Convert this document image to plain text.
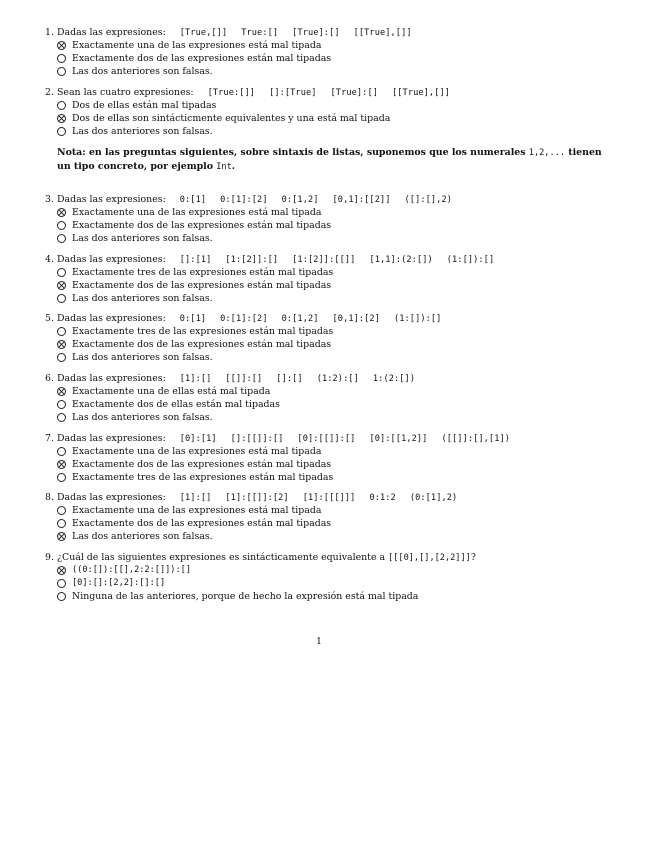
1. Dadas las expresiones: [True,[]] True:[] [True]:[] [[True],[]]
Exactamente una de las expresiones está mal tipada
Exactamente dos de las expresiones están mal tipadas
Las dos anteriores son falsas.
2. Sean las cuatro expresiones: [True:[]] []:[True] [True]:[] [[True],[]]
Dos de ellas están mal tipadas
Dos de ellas son sintácticmente equivalentes y una está mal tipada
Las dos anteriores son falsas.
Nota: en las preguntas siguientes, sobre sintaxis de listas, suponemos que los numerales 1,2,... tienen un tipo concreto, por ejemplo Int.
3. Dadas las expresiones: 0:[1] 0:[1]:[2] 0:[1,2] [0,1]:[[2]] ([]:[],2)
Exactamente una de las expresiones está mal tipada
Exactamente dos de las expresiones están mal tipadas
Las dos anteriores son falsas.
4. Dadas las expresiones: []:[1] [1:[2]]:[] [1:[2]]:[[]] [1,1]:(2:[]) (1:[]):[]
Exactamente tres de las expresiones están mal tipadas
Exactamente dos de las expresiones están mal tipadas
Las dos anteriores son falsas.
5. Dadas las expresiones: 0:[1] 0:[1]:[2] 0:[1,2] [0,1]:[2] (1:[]):[]
Exactamente tres de las expresiones están mal tipadas
Exactamente dos de las expresiones están mal tipadas
Las dos anteriores son falsas.
6. Dadas las expresiones: [1]:[] [[]]:[] []:[] (1:2):[] 1:(2:[])
Exactamente una de ellas está mal tipada
Exactamente dos de ellas están mal tipadas
Las dos anteriores son falsas.
7. Dadas las expresiones: [0]:[1] []:[[]]:[] [0]:[[]]:[] [0]:[[1,2]] ([[]]:[],[1])
Exactamente una de las expresiones está mal tipada
Exactamente dos de las expresiones están mal tipadas
Exactamente tres de las expresiones están mal tipadas
8. Dadas las expresiones: [1]:[] [1]:[[]]:[2] [1]:[[[]]] 0:1:2 (0:[1],2)
Exactamente una de las expresiones está mal tipada
Exactamente dos de las expresiones están mal tipadas
Las dos anteriores son falsas.
9. ¿Cuál de las siguientes expresiones es sintácticamente equivalente a [[[0],[],[2,2]]]?
((0:[]):[[],2:2:[]]):[]
[0]:[]:[2,2]:[]:[]
Ninguna de las anteriores, porque de hecho la expresión está mal tipada
1
